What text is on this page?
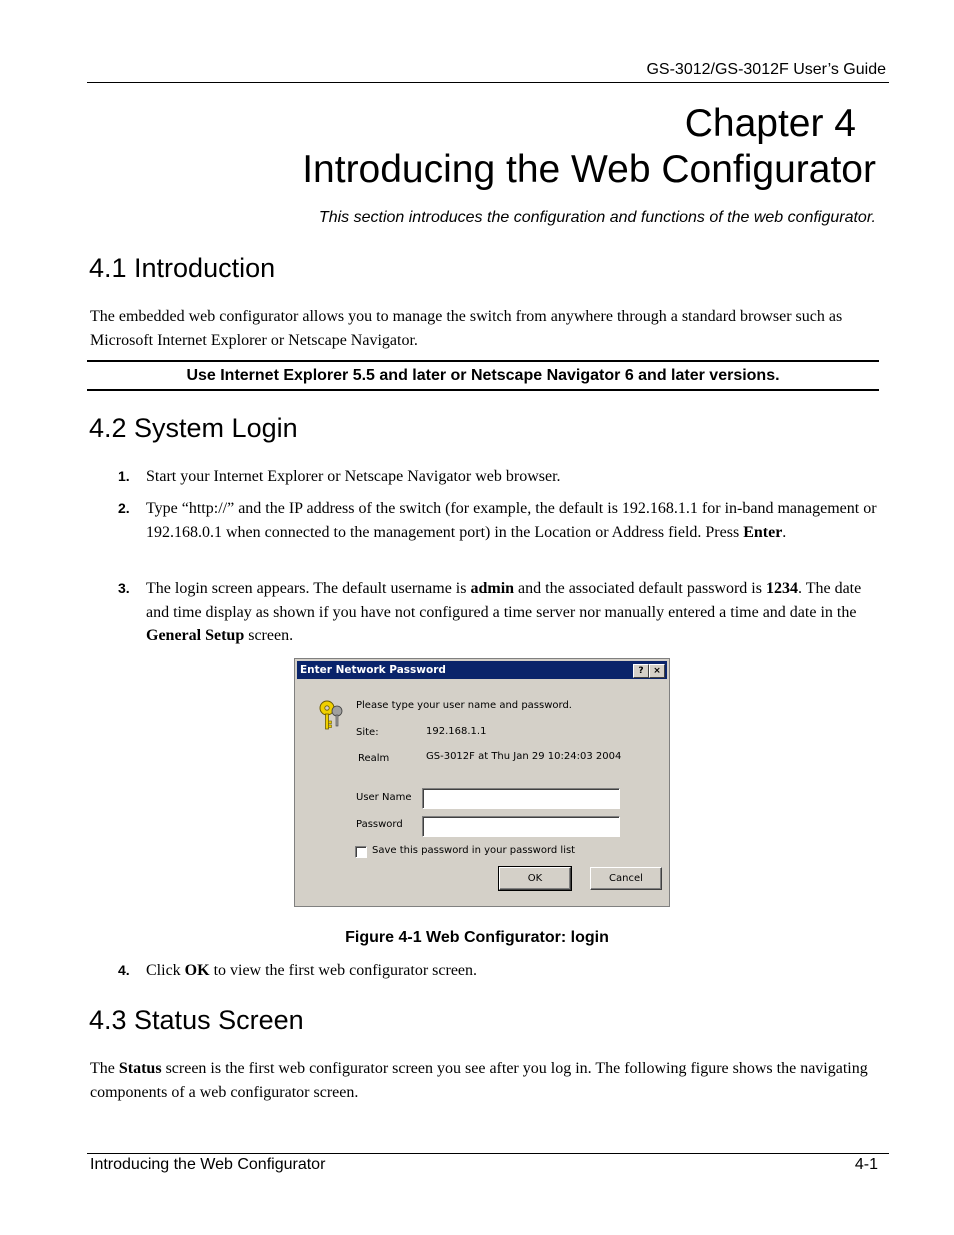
GS-3012/GS-3012F User’s Guide
Chapter 4
Introducing the Web Configurator
This section introduces the configuration and functions of the web configurator.
4.1 Introduction
The embedded web configurator allows you to manage the switch from anywhere through a standard browser such as Microsoft Internet Explorer or Netscape Navigator.
Use Internet Explorer 5.5 and later or Netscape Navigator 6 and later versions.
4.2 System Login
1. Start your Internet Explorer or Netscape Navigator web browser.
2. Type “http://” and the IP address of the switch (for example, the default is 192.168.1.1 for in-band management or 192.168.0.1 when connected to the management port) in the Location or Address field. Press Enter.
3. The login screen appears. The default username is admin and the associated default password is 1234. The date and time display as shown if you have not configured a time server nor manually entered a time and date in the General Setup screen.
Enter Network Password	?	×
Please type your user name and password.
Site:	192.168.1.1
Realm	GS-3012F at Thu Jan 29 10:24:03 2004
User Name
Password
Save this password in your password list
OK	Cancel
Figure 4-1 Web Configurator: login
4. Click OK to view the first web configurator screen.
4.3 Status Screen
The Status screen is the first web configurator screen you see after you log in. The following figure shows the navigating components of a web configurator screen.
Introducing the Web Configurator	4-1
